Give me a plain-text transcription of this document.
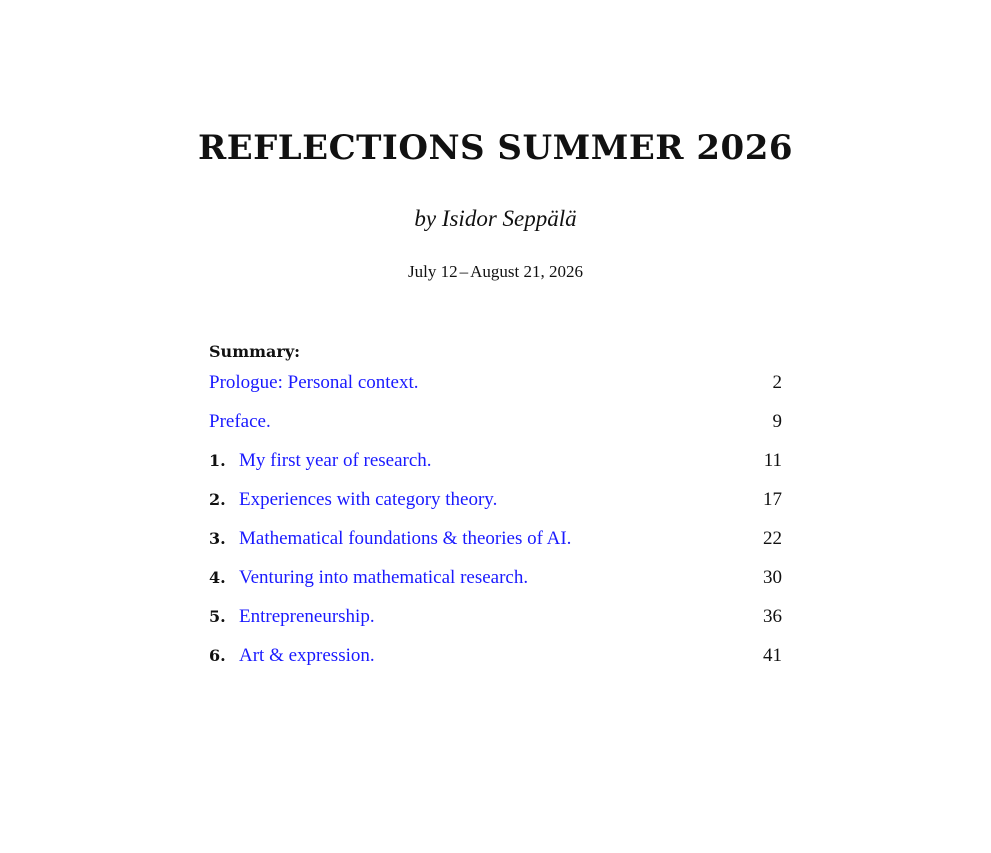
REFLECTIONS SUMMER 2026
by Isidor Seppälä
July 12 – August 21, 2026
Summary:
Prologue: Personal context.	2
Preface.	9
1. My first year of research.	11
2. Experiences with category theory.	17
3. Mathematical foundations & theories of AI.	22
4. Venturing into mathematical research.	30
5. Entrepreneurship.	36
6. Art & expression.	41
